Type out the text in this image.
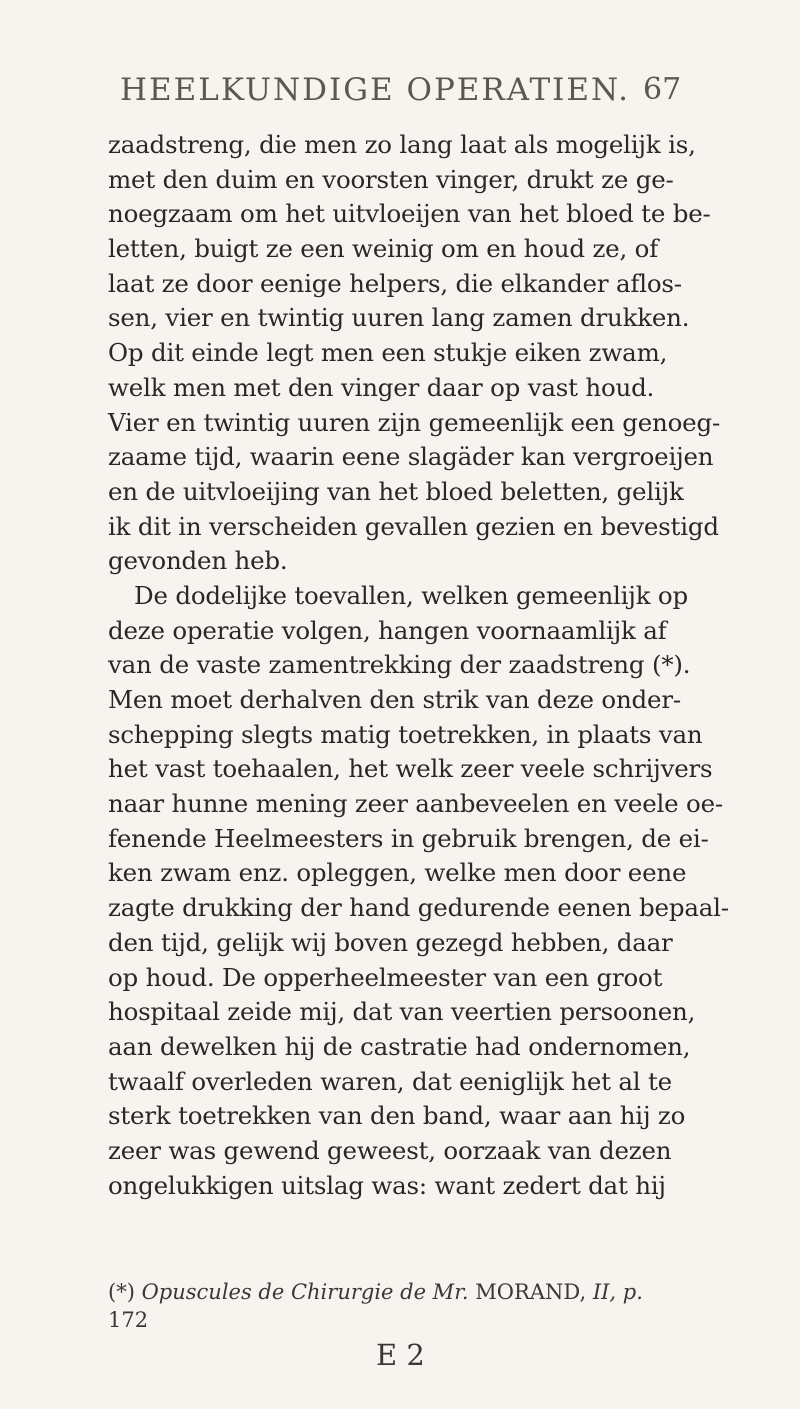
HEELKUNDIGE OPERATIEN. 67
zaadstreng, die men zo lang laat als mogelijk is,
met den duim en voorsten vinger, drukt ze ge-
noegzaam om het uitvloeijen van het bloed te be-
letten, buigt ze een weinig om en houd ze, of
laat ze door eenige helpers, die elkander aflos-
sen, vier en twintig uuren lang zamen drukken.
Op dit einde legt men een stukje eiken zwam,
welk men met den vinger daar op vast houd.
Vier en twintig uuren zijn gemeenlijk een genoeg-
zaame tijd, waarin eene slagäder kan vergroeijen
en de uitvloeijing van het bloed beletten, gelijk
ik dit in verscheiden gevallen gezien en bevestigd
gevonden heb.
De dodelijke toevallen, welken gemeenlijk op
deze operatie volgen, hangen voornaamlijk af
van de vaste zamentrekking der zaadstreng (*).
Men moet derhalven den strik van deze onder-
schepping slegts matig toetrekken, in plaats van
het vast toehaalen, het welk zeer veele schrijvers
naar hunne mening zeer aanbeveelen en veele oe-
fenende Heelmeesters in gebruik brengen, de ei-
ken zwam enz. opleggen, welke men door eene
zagte drukking der hand gedurende eenen bepaal-
den tijd, gelijk wij boven gezegd hebben, daar
op houd. De opperheelmeester van een groot
hospitaal zeide mij, dat van veertien persoonen,
aan dewelken hij de castratie had ondernomen,
twaalf overleden waren, dat eeniglijk het al te
sterk toetrekken van den band, waar aan hij zo
zeer was gewend geweest, oorzaak van dezen
ongelukkigen uitslag was: want zedert dat hij
(*) Opuscules de Chirurgie de Mr. MORAND, II, p.
172
E 2
